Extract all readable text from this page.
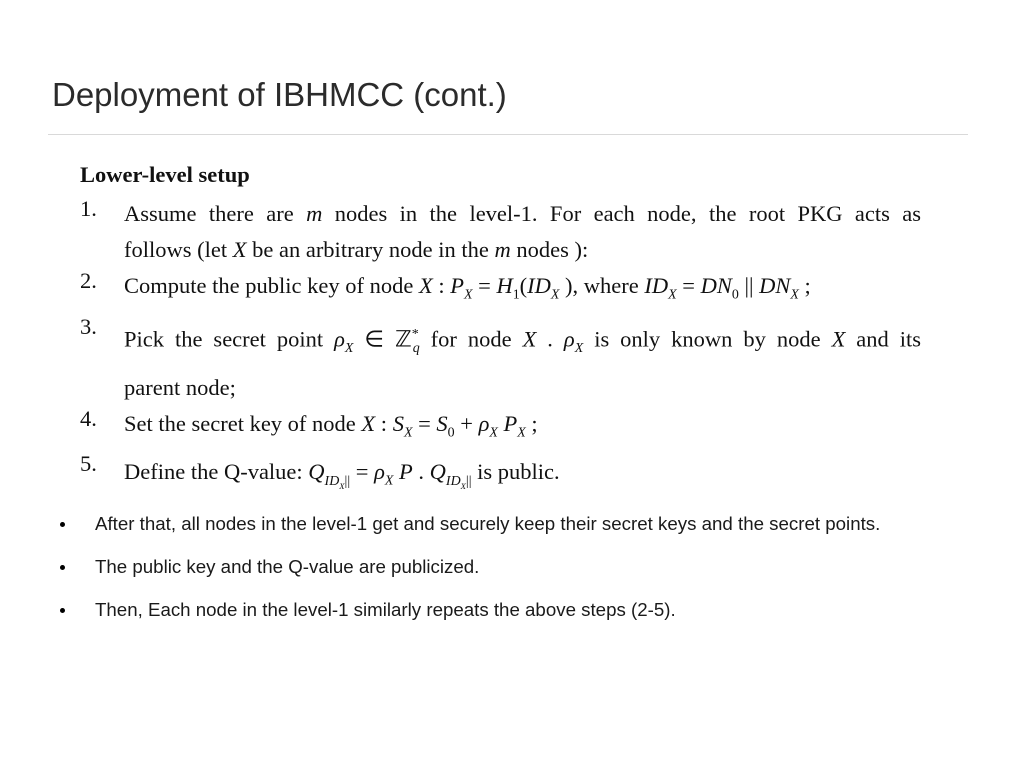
Deployment of IBHMCC (cont.)
Lower-level setup
1. Assume there are m nodes in the level-1. For each node, the root PKG acts as
follows (let X be an arbitrary node in the m nodes ):
2. Compute the public key of node X : $P_X = H_1(ID_X$ ), where $ID_X = DN_0$ || $DN_X$ ;
3. Pick the secret point $\rho_X$ ∈ ℤ*$_q$ for node X . $\rho_X$ is only known by node X and its
parent node;
4. Set the secret key of node X : $S_X = S_0 + \rho_X$ $P_X$ ;
5. Define the Q-value: $Q_{ID_X||} = \rho_X$ P . $Q_{ID_X||}$ is public.
After that, all nodes in the level-1 get and securely keep their secret keys and the secret points.
The public key and the Q-value are publicized.
Then, Each node in the level-1 similarly repeats the above steps (2-5).
